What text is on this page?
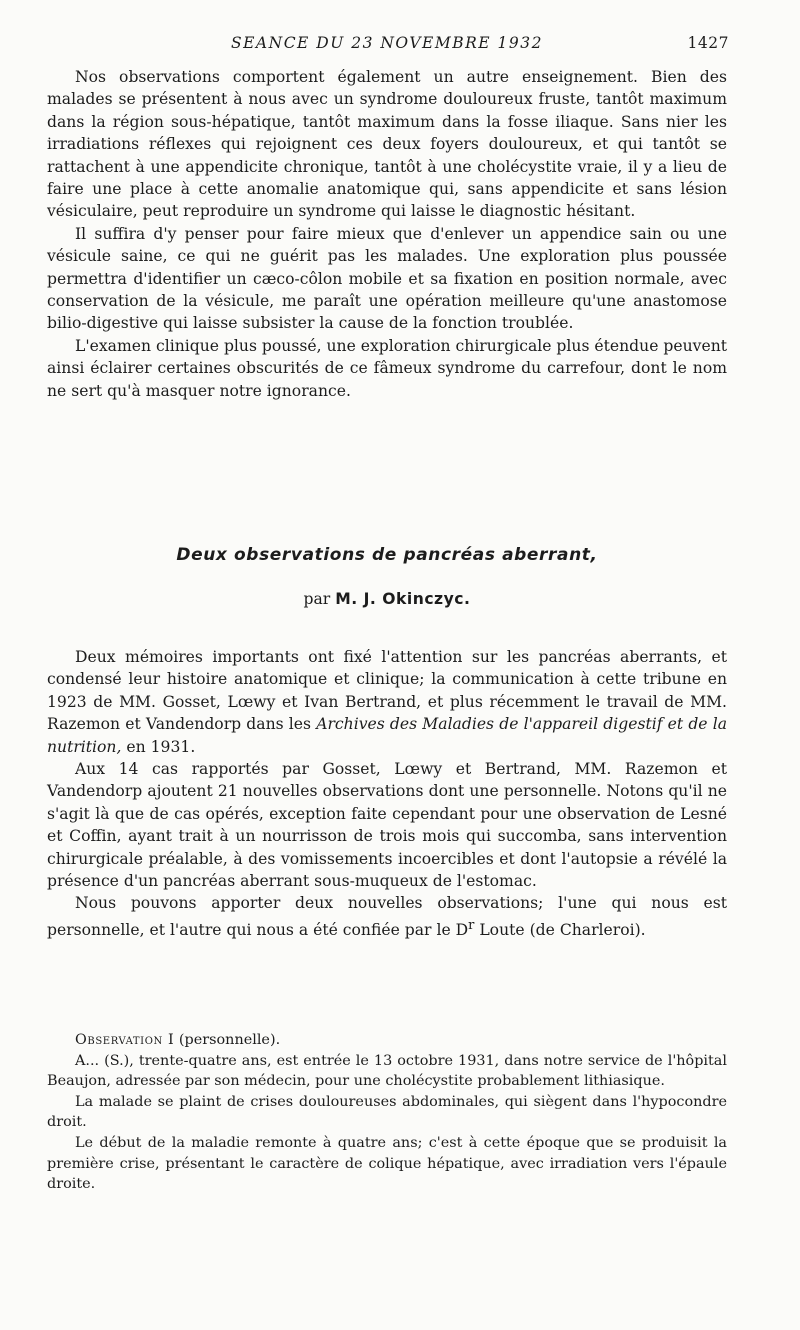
SEANCE DU 23 NOVEMBRE 1932	1427

Nos observations comportent également un autre enseignement. Bien des malades se présentent à nous avec un syndrome douloureux fruste, tantôt maximum dans la région sous-hépatique, tantôt maximum dans la fosse iliaque. Sans nier les irradiations réflexes qui rejoignent ces deux foyers douloureux, et qui tantôt se rattachent à une appendicite chronique, tantôt à une cholécystite vraie, il y a lieu de faire une place à cette anomalie anatomique qui, sans appendicite et sans lésion vésiculaire, peut reproduire un syndrome qui laisse le diagnostic hésitant.

Il suffira d'y penser pour faire mieux que d'enlever un appendice sain ou une vésicule saine, ce qui ne guérit pas les malades. Une exploration plus poussée permettra d'identifier un cæco-côlon mobile et sa fixation en position normale, avec conservation de la vésicule, me paraît une opération meilleure qu'une anastomose bilio-digestive qui laisse subsister la cause de la fonction troublée.

L'examen clinique plus poussé, une exploration chirurgicale plus étendue peuvent ainsi éclairer certaines obscurités de ce fâmeux syndrome du carrefour, dont le nom ne sert qu'à masquer notre ignorance.

Deux observations de pancréas aberrant,
par M. J. Okinczyc.

Deux mémoires importants ont fixé l'attention sur les pancréas aberrants, et condensé leur histoire anatomique et clinique; la communication à cette tribune en 1923 de MM. Gosset, Lœwy et Ivan Bertrand, et plus récemment le travail de MM. Razemon et Vandendorp dans les Archives des Maladies de l'appareil digestif et de la nutrition, en 1931.

Aux 14 cas rapportés par Gosset, Lœwy et Bertrand, MM. Razemon et Vandendorp ajoutent 21 nouvelles observations dont une personnelle. Notons qu'il ne s'agit là que de cas opérés, exception faite cependant pour une observation de Lesné et Coffin, ayant trait à un nourrisson de trois mois qui succomba, sans intervention chirurgicale préalable, à des vomissements incoercibles et dont l'autopsie a révélé la présence d'un pancréas aberrant sous-muqueux de l'estomac.

Nous pouvons apporter deux nouvelles observations; l'une qui nous est personnelle, et l'autre qui nous a été confiée par le $D^r$ Loute (de Charleroi).

Observation I (personnelle).

A... (S.), trente-quatre ans, est entrée le 13 octobre 1931, dans notre service de l'hôpital Beaujon, adressée par son médecin, pour une cholécystite probablement lithiasique.

La malade se plaint de crises douloureuses abdominales, qui siègent dans l'hypocondre droit.

Le début de la maladie remonte à quatre ans; c'est à cette époque que se produisit la première crise, présentant le caractère de colique hépatique, avec irradiation vers l'épaule droite.
